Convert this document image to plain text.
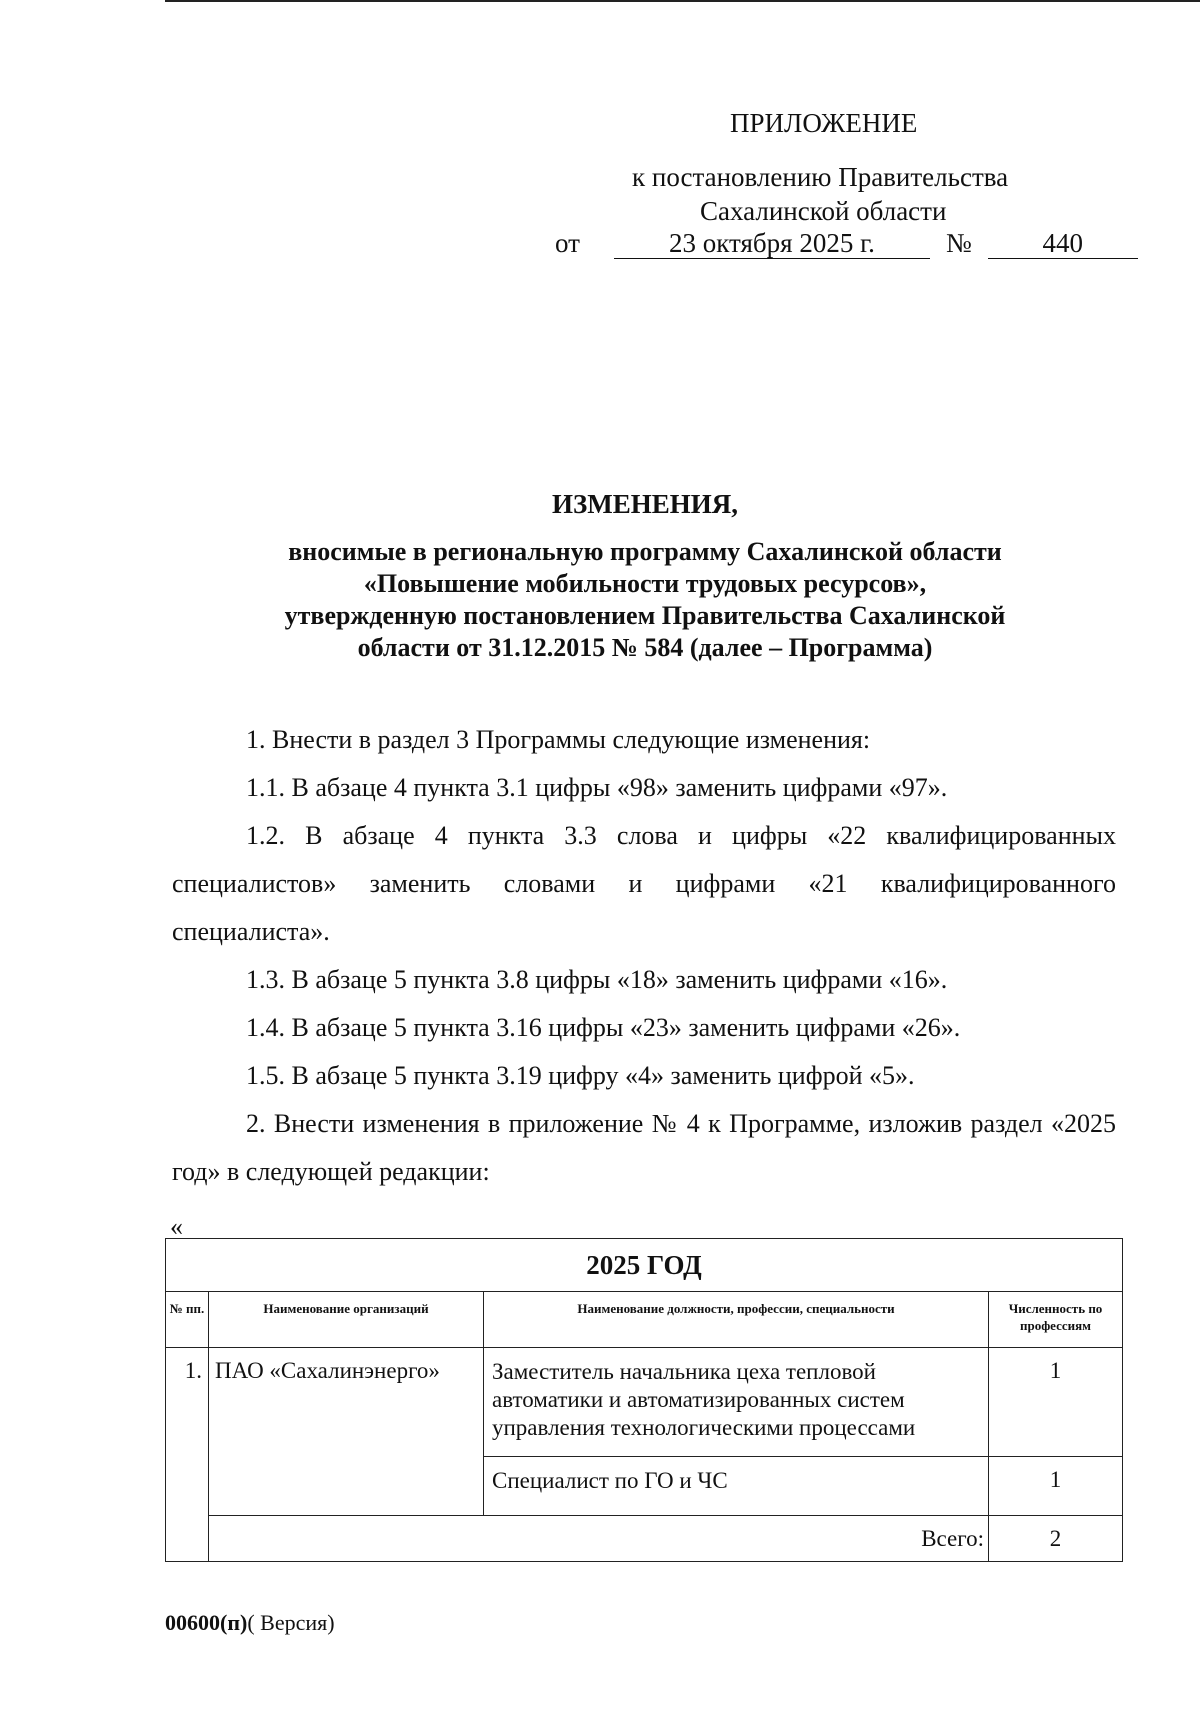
ПРИЛОЖЕНИЕ
к постановлению Правительства
Сахалинской области
от	23 октября 2025 г.	№	440
ИЗМЕНЕНИЯ,
вносимые в региональную программу Сахалинской области
«Повышение мобильности трудовых ресурсов»,
утвержденную постановлением Правительства Сахалинской
области от 31.12.2015 № 584 (далее – Программа)

1. Внести в раздел 3 Программы следующие изменения:

1.1. В абзаце 4 пункта 3.1 цифры «98» заменить цифрами «97».

1.2. В абзаце 4 пункта 3.3 слова и цифры «22 квалифицированных специалистов» заменить словами и цифрами «21 квалифицированного специалиста».

1.3. В абзаце 5 пункта 3.8 цифры «18» заменить цифрами «16».

1.4. В абзаце 5 пункта 3.16 цифры «23» заменить цифрами «26».

1.5. В абзаце 5 пункта 3.19 цифру «4» заменить цифрой «5».

2. Внести изменения в приложение № 4 к Программе, изложив раздел «2025 год» в следующей редакции:

«
2025 ГОД			
№ пп.	Наименование организаций	Наименование должности, профессии, специальности	Численность по профессиям
1.	ПАО «Сахалинэнерго»	Заместитель начальника цеха тепловой автоматики и автоматизированных систем управления технологическими процессами	1
		Специалист по ГО и ЧС	1
	Всего:		2
00600(п)( Версия)
